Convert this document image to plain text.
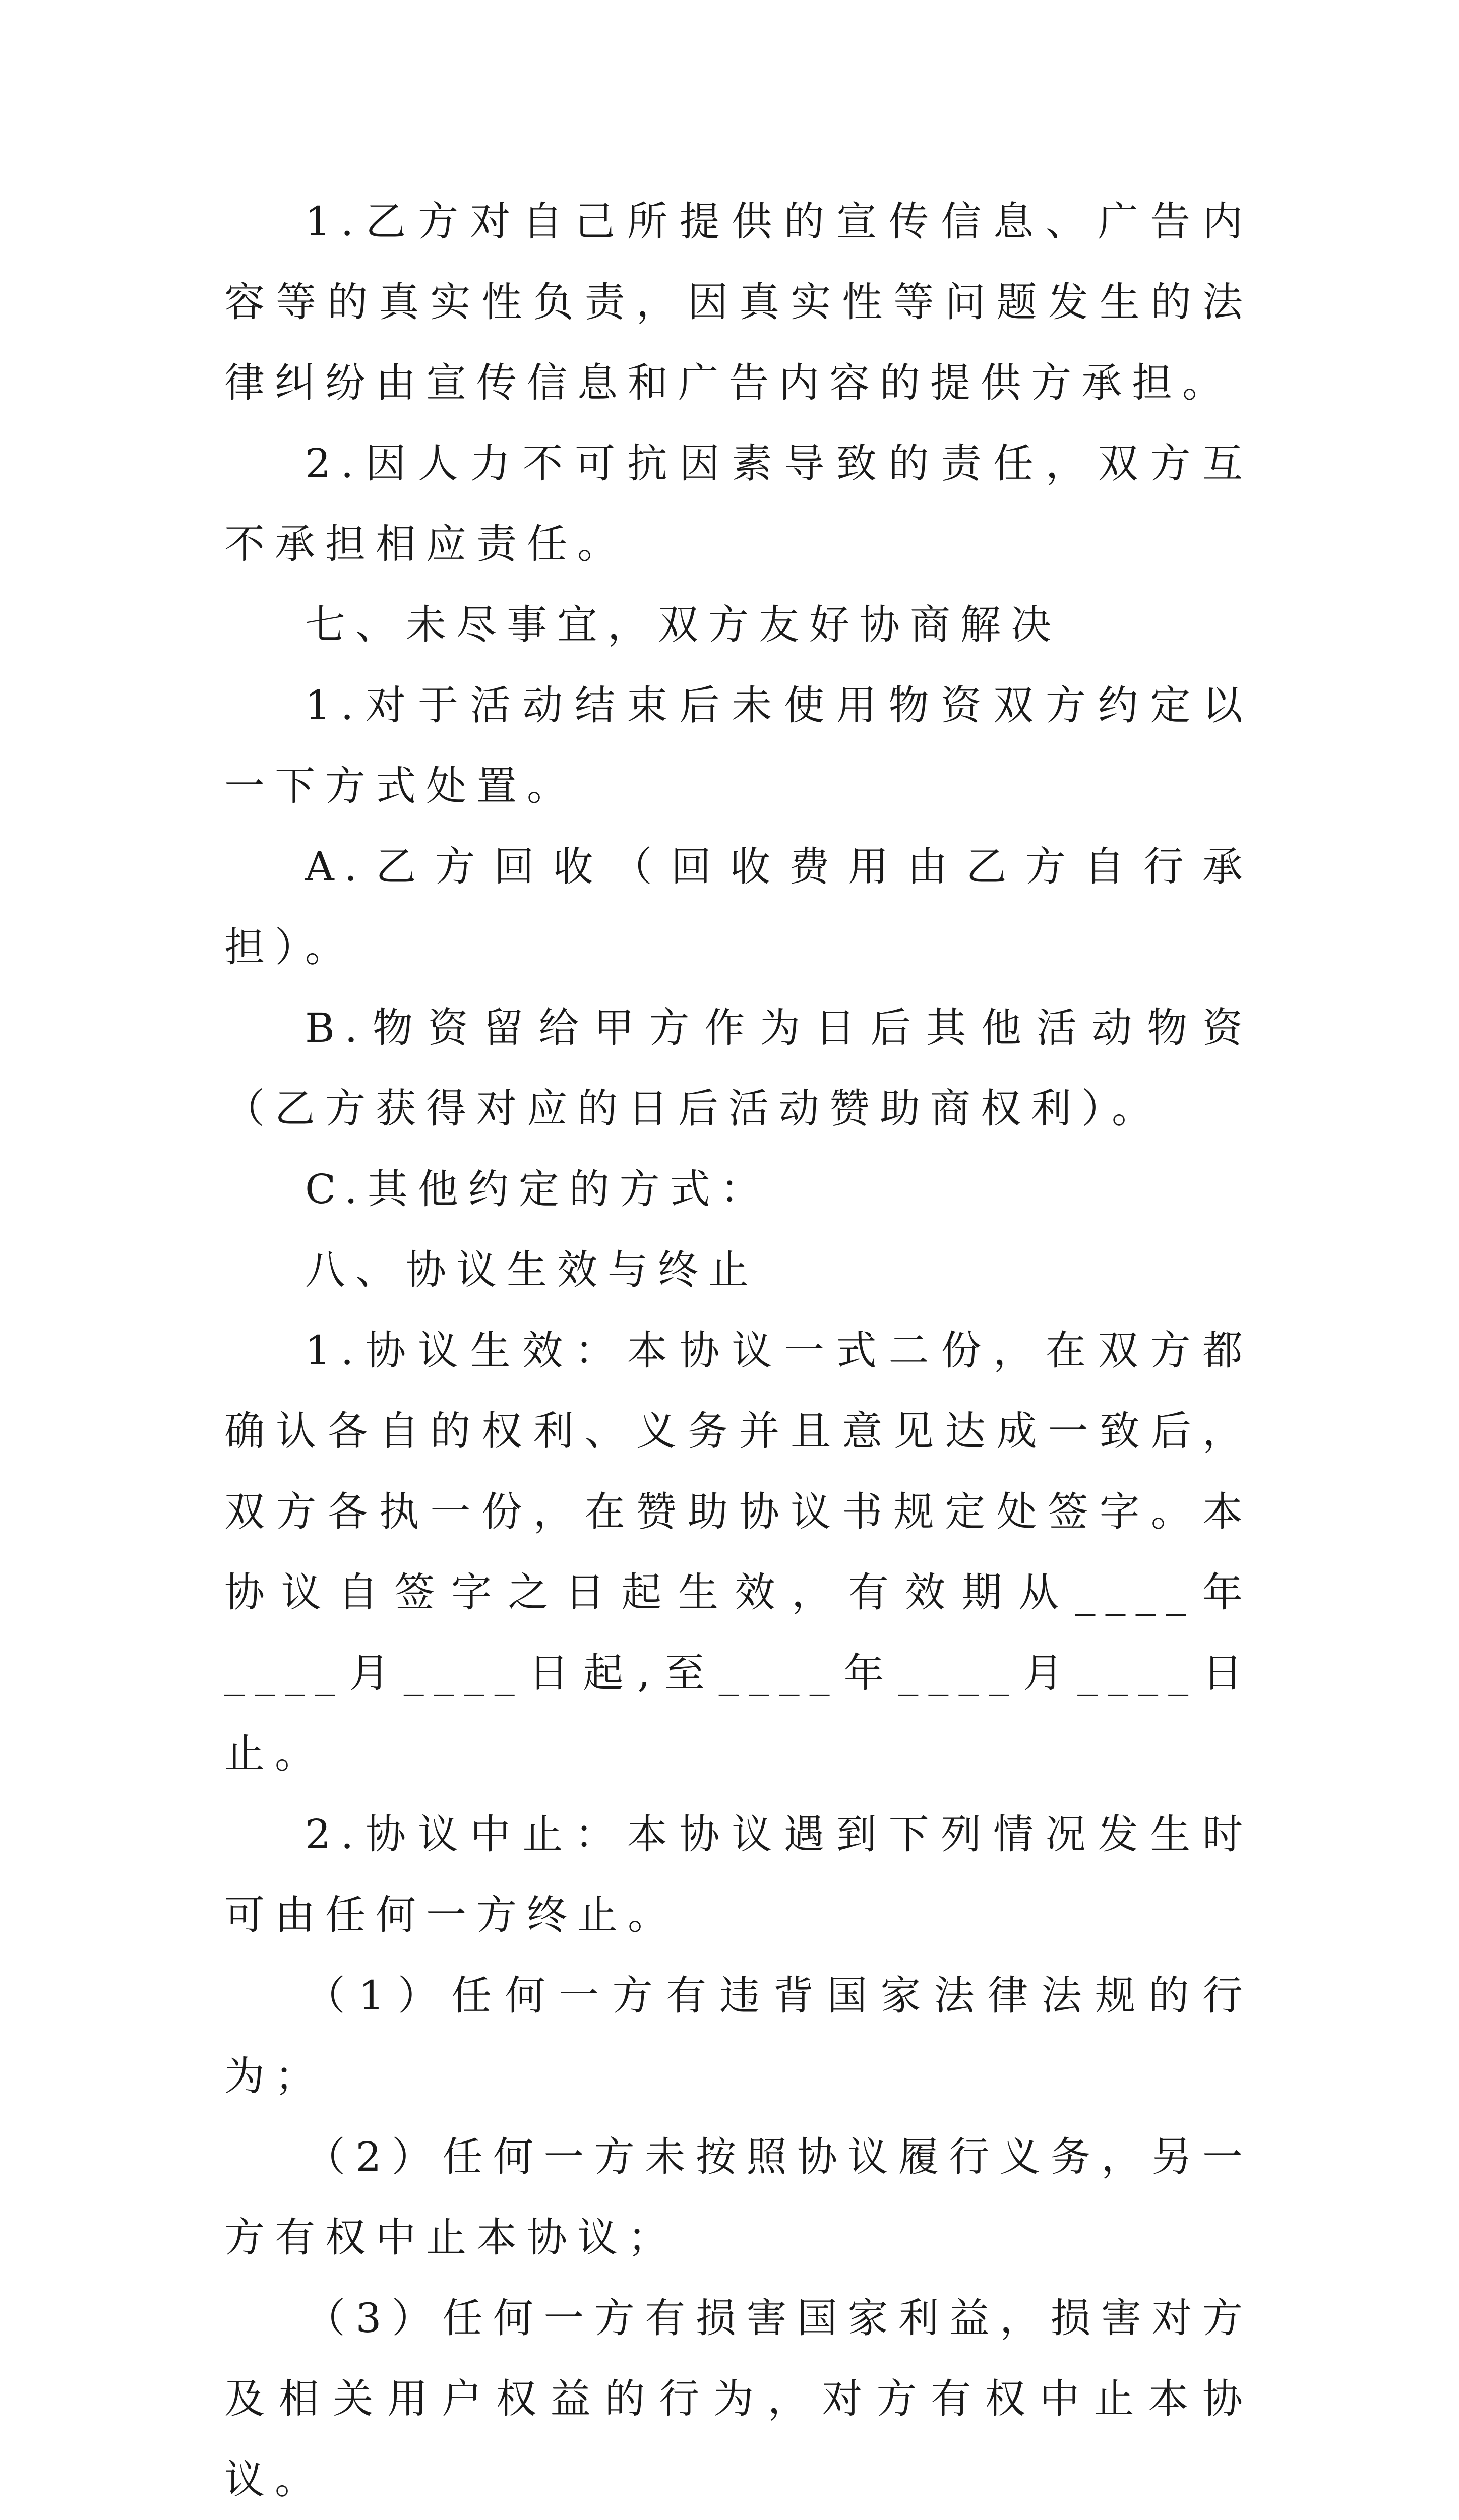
1.乙方对自己所提供的宣传信息、广告内容等的真实性负责，因真实性等问题发生的法律纠纷由宣传信息和广告内容的提供方承担。

2.因人力不可抗因素导致的责任，双方互不承担相应责任。

七、未尽事宜，双方友好协商解决

1.对于活动结束后未使用物资双方约定以一下方式处置。

A.乙方回收（回收费用由乙方自行承担）。

B.物资留给甲方作为日后其他活动物资（乙方获得对应的日后活动赞助商权利）。

C.其他约定的方式：

八、协议生效与终止

1.协议生效：本协议一式二份，在双方都确认各自的权利、义务并且意见达成一致后，双方各执一份，在赞助协议书规定处签字。本协议自签字之日起生效，有效期从____年____月____日起,至____年____月____日止。

2.协议中止：本协议遇到下列情况发生时可由任何一方终止。

（1）任何一方有违背国家法律法规的行为；

（2）任何一方未按照协议履行义务，另一方有权中止本协议；

（3）任何一方有损害国家利益，损害对方及相关用户权益的行为，对方有权中止本协议。
